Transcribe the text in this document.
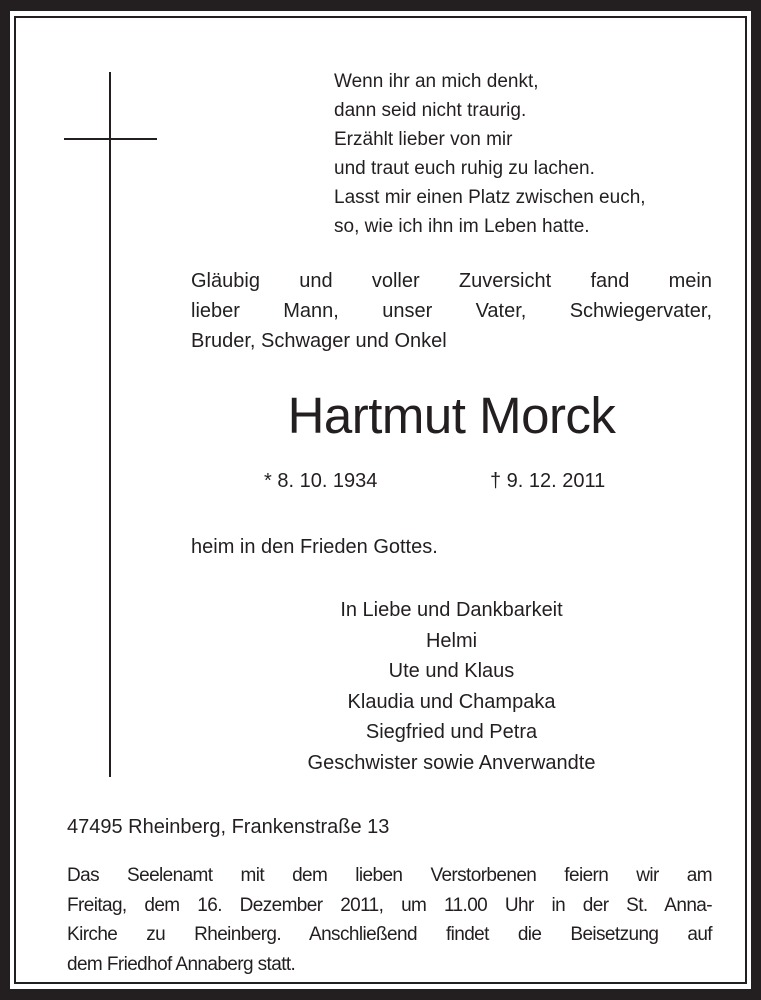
Wenn ihr an mich denkt,
dann seid nicht traurig.
Erzählt lieber von mir
und traut euch ruhig zu lachen.
Lasst mir einen Platz zwischen euch,
so, wie ich ihn im Leben hatte.
Gläubig und voller Zuversicht fand mein
lieber Mann, unser Vater, Schwiegervater,
Bruder, Schwager und Onkel
Hartmut Morck
* 8. 10. 1934	† 9. 12. 2011
heim in den Frieden Gottes.
In Liebe und Dankbarkeit
Helmi
Ute und Klaus
Klaudia und Champaka
Siegfried und Petra
Geschwister sowie Anverwandte
47495 Rheinberg, Frankenstraße 13
Das Seelenamt mit dem lieben Verstorbenen feiern wir am
Freitag, dem 16. Dezember 2011, um 11.00 Uhr in der St. Anna-
Kirche zu Rheinberg. Anschließend findet die Beisetzung auf
dem Friedhof Annaberg statt.
